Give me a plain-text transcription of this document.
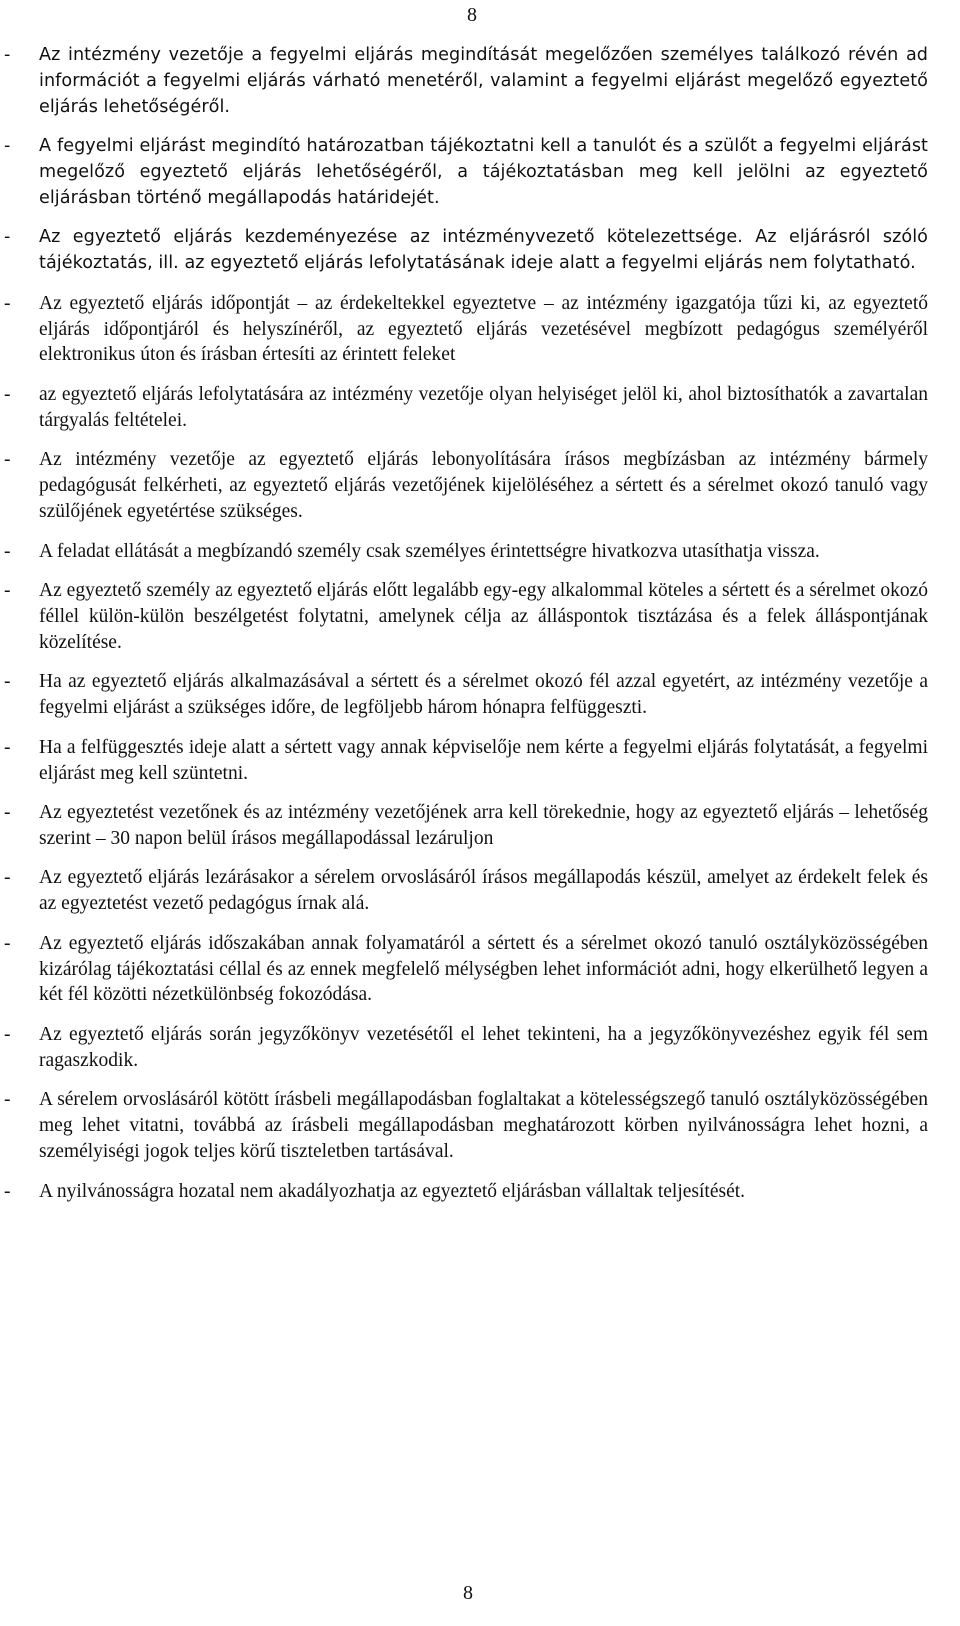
8
- Az intézmény vezetője a fegyelmi eljárás megindítását megelőzően személyes találkozó révén ad információt a fegyelmi eljárás várható menetéről, valamint a fegyelmi eljárást megelőző egyeztető eljárás lehetőségéről.
- A fegyelmi eljárást megindító határozatban tájékoztatni kell a tanulót és a szülőt a fegyelmi eljárást megelőző egyeztető eljárás lehetőségéről, a tájékoztatásban meg kell jelölni az egyeztető eljárásban történő megállapodás határidejét.
- Az egyeztető eljárás kezdeményezése az intézményvezető kötelezettsége. Az eljárásról szóló tájékoztatás, ill. az egyeztető eljárás lefolytatásának ideje alatt a fegyelmi eljárás nem folytatható.
- Az egyeztető eljárás időpontját – az érdekeltekkel egyeztetve – az intézmény igazgatója tűzi ki, az egyeztető eljárás időpontjáról és helyszínéről, az egyeztető eljárás vezetésével megbízott pedagógus személyéről elektronikus úton és írásban értesíti az érintett feleket
- az egyeztető eljárás lefolytatására az intézmény vezetője olyan helyiséget jelöl ki, ahol biztosíthatók a zavartalan tárgyalás feltételei.
- Az intézmény vezetője az egyeztető eljárás lebonyolítására írásos megbízásban az intézmény bármely pedagógusát felkérheti, az egyeztető eljárás vezetőjének kijelöléséhez a sértett és a sérelmet okozó tanuló vagy szülőjének egyetértése szükséges.
- A feladat ellátását a megbízandó személy csak személyes érintettségre hivatkozva utasíthatja vissza.
- Az egyeztető személy az egyeztető eljárás előtt legalább egy-egy alkalommal köteles a sértett és a sérelmet okozó féllel külön-külön beszélgetést folytatni, amelynek célja az álláspontok tisztázása és a felek álláspontjának közelítése.
- Ha az egyeztető eljárás alkalmazásával a sértett és a sérelmet okozó fél azzal egyetért, az intézmény vezetője a fegyelmi eljárást a szükséges időre, de legföljebb három hónapra felfüggeszti.
- Ha a felfüggesztés ideje alatt a sértett vagy annak képviselője nem kérte a fegyelmi eljárás folytatását, a fegyelmi eljárást meg kell szüntetni.
- Az egyeztetést vezetőnek és az intézmény vezetőjének arra kell törekednie, hogy az egyeztető eljárás – lehetőség szerint – 30 napon belül írásos megállapodással lezáruljon
- Az egyeztető eljárás lezárásakor a sérelem orvoslásáról írásos megállapodás készül, amelyet az érdekelt felek és az egyeztetést vezető pedagógus írnak alá.
- Az egyeztető eljárás időszakában annak folyamatáról a sértett és a sérelmet okozó tanuló osztályközösségében kizárólag tájékoztatási céllal és az ennek megfelelő mélységben lehet információt adni, hogy elkerülhető legyen a két fél közötti nézetkülönbség fokozódása.
- Az egyeztető eljárás során jegyzőkönyv vezetésétől el lehet tekinteni, ha a jegyzőkönyvezéshez egyik fél sem ragaszkodik.
- A sérelem orvoslásáról kötött írásbeli megállapodásban foglaltakat a kötelességszegő tanuló osztályközösségében meg lehet vitatni, továbbá az írásbeli megállapodásban meghatározott körben nyilvánosságra lehet hozni, a személyiségi jogok teljes körű tiszteletben tartásával.
- A nyilvánosságra hozatal nem akadályozhatja az egyeztető eljárásban vállaltak teljesítését.
8
